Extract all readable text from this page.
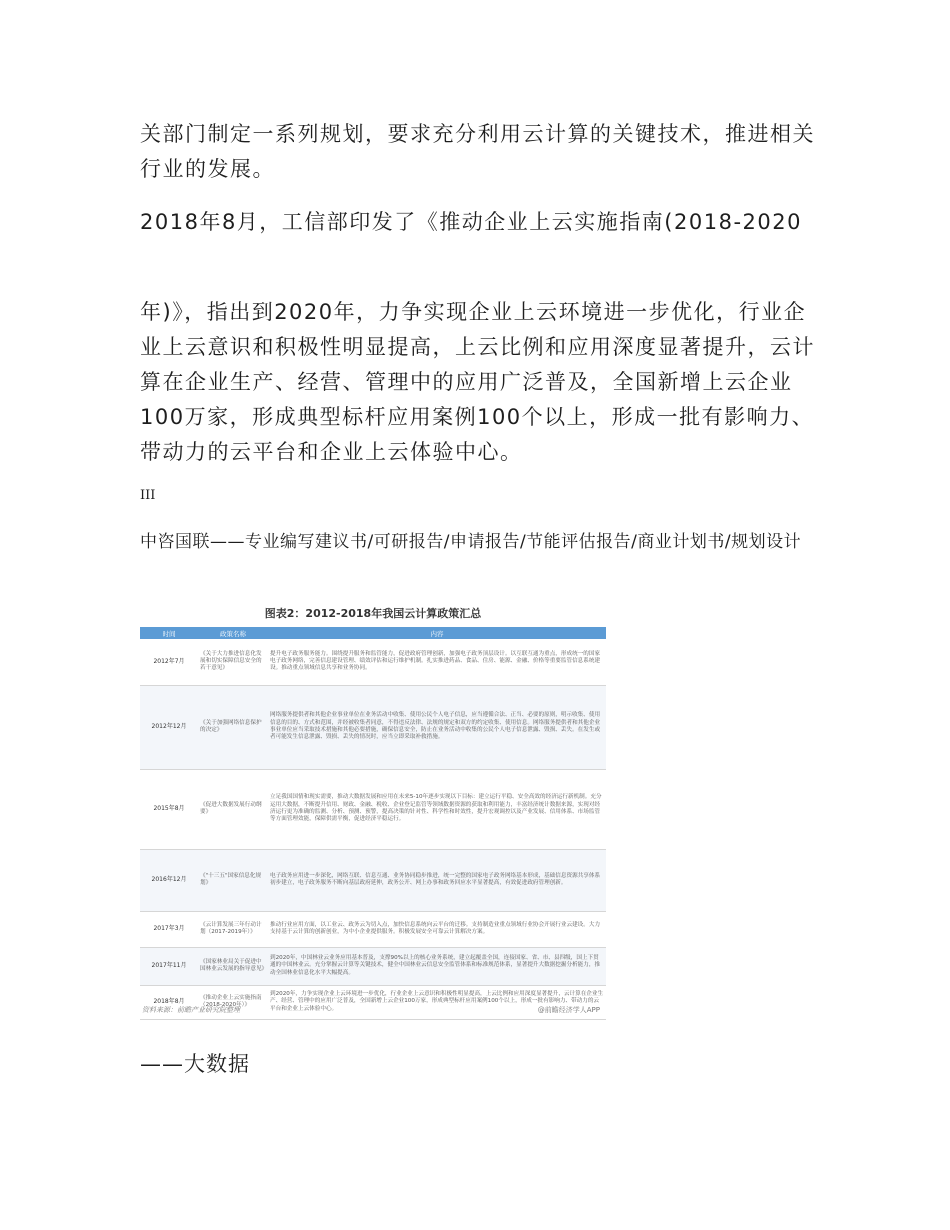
关部门制定一系列规划，要求充分利用云计算的关键技术，推进相关行业的发展。

2018年8月，工信部印发了《推动企业上云实施指南(2018-2020

年)》，指出到2020年，力争实现企业上云环境进一步优化，行业企业上云意识和积极性明显提高，上云比例和应用深度显著提升，云计算在企业生产、经营、管理中的应用广泛普及，全国新增上云企业100万家，形成典型标杆应用案例100个以上，形成一批有影响力、带动力的云平台和企业上云体验中心。

III

中咨国联——专业编写建议书/可研报告/申请报告/节能评估报告/商业计划书/规划设计

图表2：2012-2018年我国云计算政策汇总
时间	政策名称	内容
2012年7月	《关于大力推进信息化发展和切实保障信息安全的若干意见》	提升电子政务服务能力。围绕提升服务和监管能力，促进政府管理创新，加强电子政务顶层设计。以互联互通为重点，形成统一的国家电子政务网络，完善信息建设管理、绩效评估和运行维护机制。扎实推进药品、食品、住房、能源、金融、价格等重要监管信息系统建设。推动重点领域信息共享和业务协同。
2012年12月	《关于加强网络信息保护的决定》	网络服务提供者和其他企业事业单位在业务活动中收集、使用公民个人电子信息，应当遵循合法、正当、必要的原则，明示收集、使用信息的目的、方式和范围，并经被收集者同意，不得违反法律、法规的规定和双方的约定收集、使用信息。网络服务提供者和其他企业事业单位应当采取技术措施和其他必要措施，确保信息安全，防止在业务活动中收集的公民个人电子信息泄露、毁损、丢失。在发生或者可能发生信息泄露、毁损、丢失的情况时，应当立即采取补救措施。
2015年8月	《促进大数据发展行动纲要》	立足我国国情和现实需要，推动大数据发展和应用在未来5-10年逐步实现以下目标：建立运行平稳、安全高效的经济运行新机制。充分运用大数据，不断提升信用、财政、金融、税收、企业登记监管等领域数据资源的获取和利用能力，丰富经济统计数据来源，实现对经济运行更为准确的监测、分析、预测、预警，提高决策的针对性、科学性和时效性，提升宏观调控以及产业发展、信用体系、市场监管等方面管理效能，保障供需平衡，促进经济平稳运行。
2016年12月	《"十三五"国家信息化规划》	电子政务应用进一步深化，网络互联、信息互通、业务协同稳步推进，统一完整的国家电子政务网络基本形成，基础信息资源共享体系初步建立，电子政务服务不断向基层政府延伸，政务公开、网上办事和政务回应水平显著提高，有效促进政府管理创新。
2017年3月	《云计算发展三年行动计划（2017-2019年）》	推动行业应用方面，以工业云、政务云为切入点，加快信息系统向云平台的迁移。支持制造业重点领域行业协会开展行业云建设。大力支持基于云计算的创新创业，为中小企业提供服务。积极发展安全可靠云计算解决方案。
2017年11月	《国家林业局关于促进中国林业云发展的指导意见》	到2020年，中国林业云业务应用基本普及，支撑90%以上的核心业务系统，建立起覆盖全国，连接国家、省、市、县四级，国上下贯通的中国林业云。充分掌握云计算等关键技术，健全中国林业云信息安全监管体系和标准规范体系，显著提升大数据挖掘分析能力，推动全国林业信息化水平大幅提高。
2018年8月	《推动企业上云实施指南（2018-2020年）》	到2020年，力争实现企业上云环境进一步优化，行业企业上云意识和积极性明显提高，上云比例和应用深度显著提升，云计算在企业生产、经营、管理中的应用广泛普及，全国新增上云企业100万家，形成典型标杆应用案例100个以上，形成一批有影响力、带动力的云平台和企业上云体验中心。
资料来源：前瞻产业研究院整理	@前瞻经济学人APP

——大数据
